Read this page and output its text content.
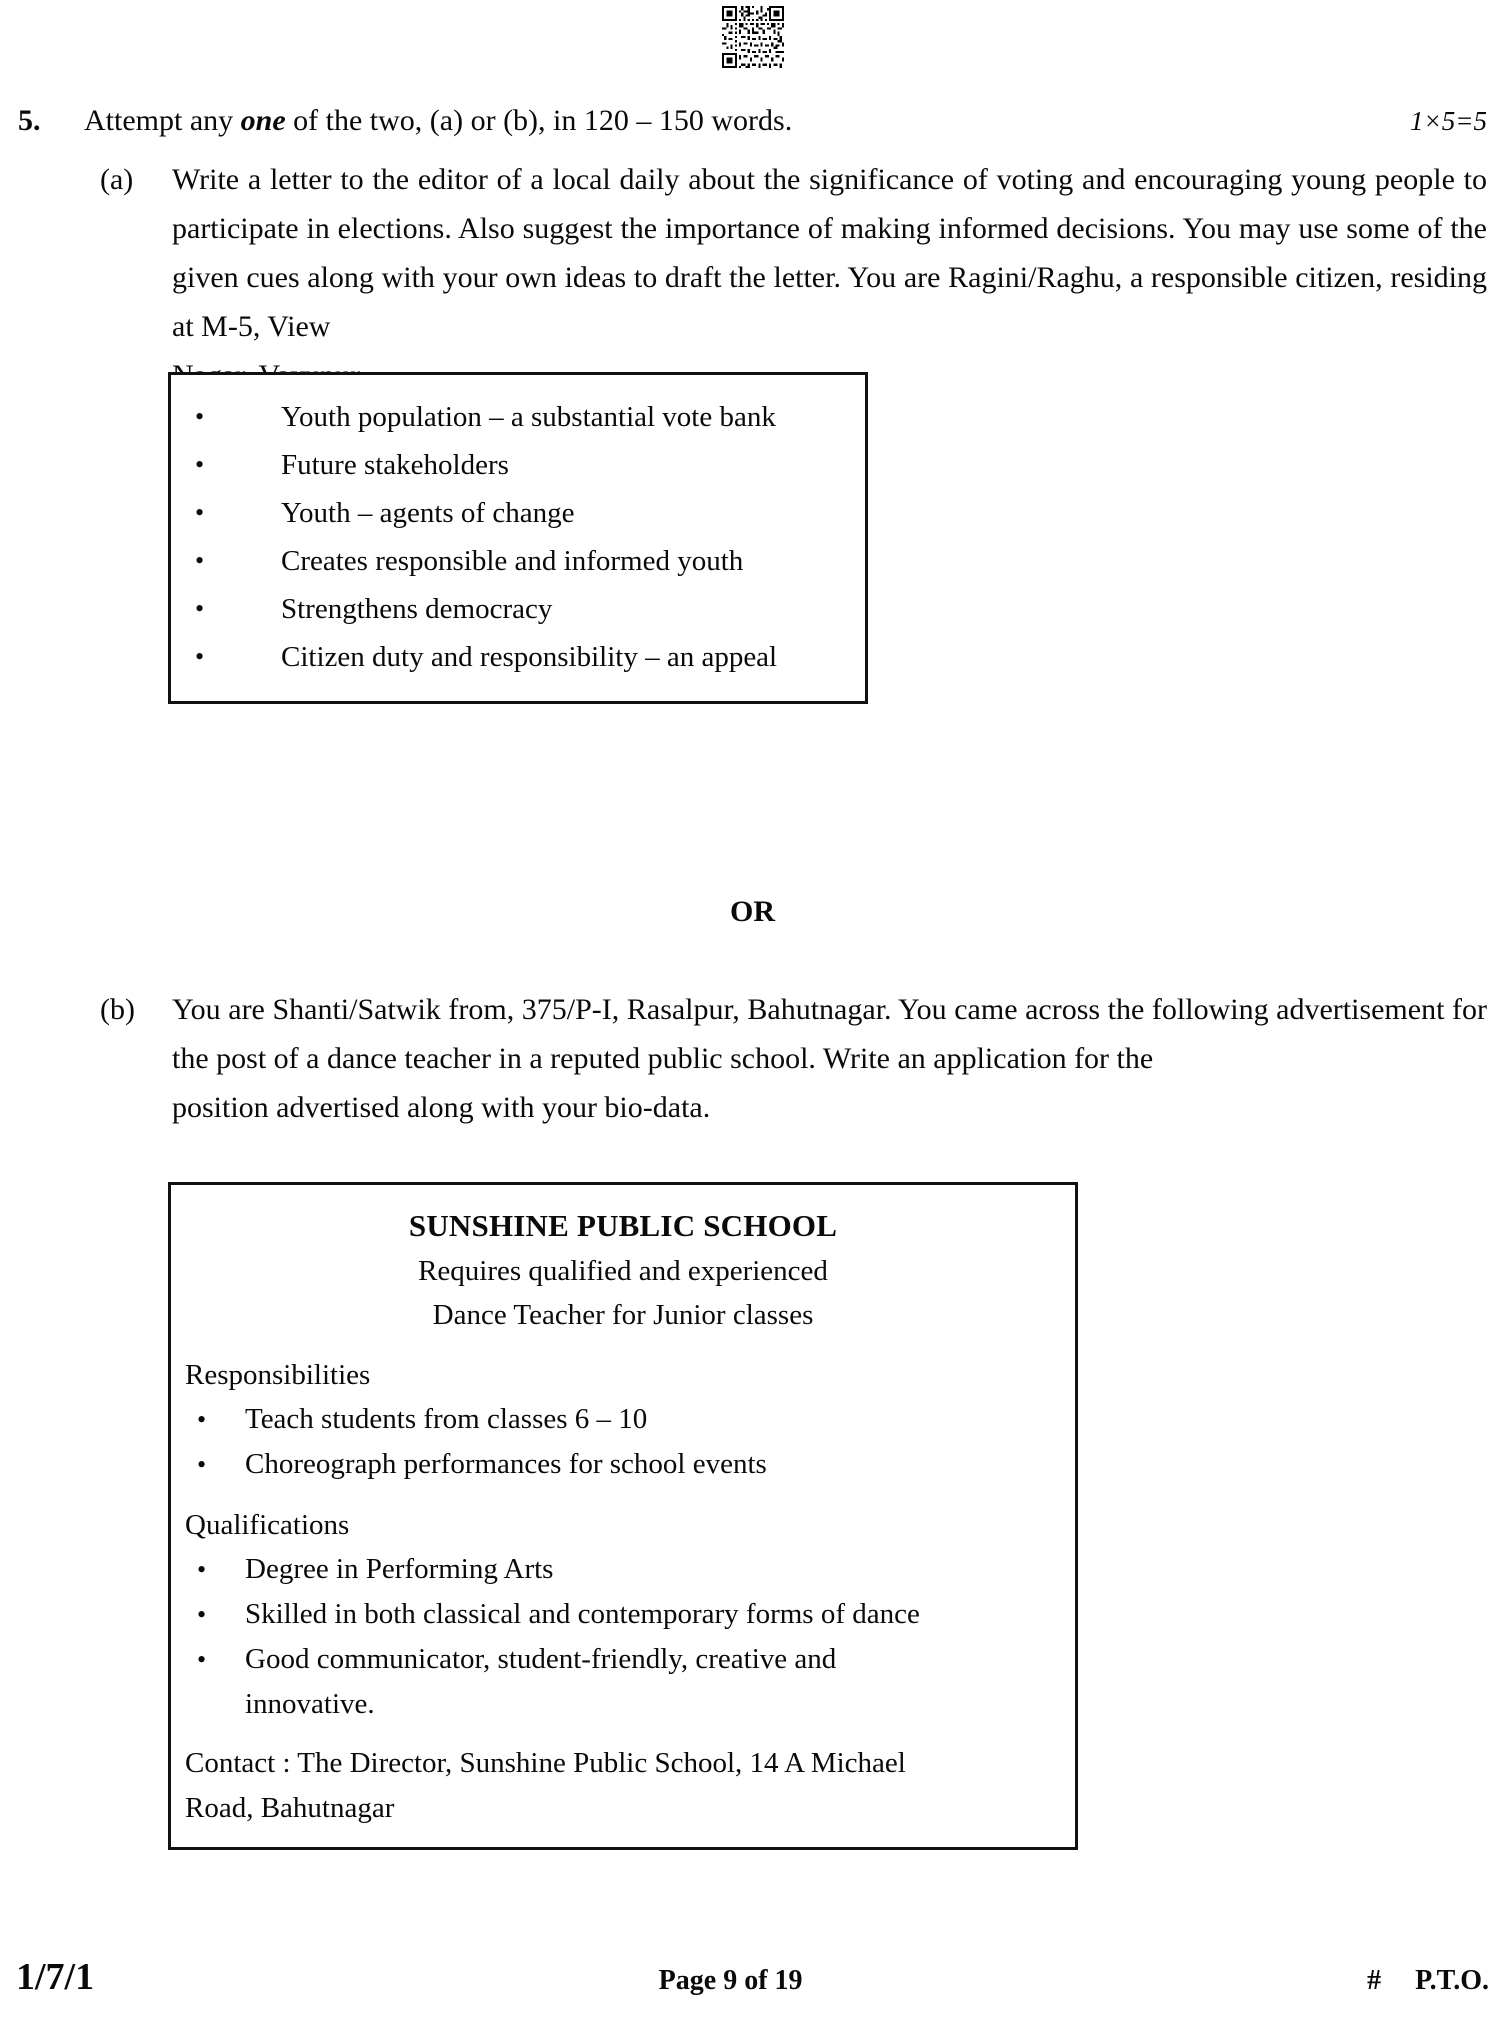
5.	Attempt any one of the two, (a) or (b), in 120 – 150 words.	1×5=5
(a)	Write a letter to the editor of a local daily about the significance of voting and encouraging young people to participate in elections. Also suggest the importance of making informed decisions. You may use some of the given cues along with your own ideas to draft the letter. You are Ragini/Raghu, a responsible citizen, residing at M-5, View

• Youth population – a substantial vote bank
• Future stakeholders
• Youth – agents of change
• Creates responsible and informed youth
• Strengthens democracy
• Citizen duty and responsibility – an appeal
OR
(b)	You are Shanti/Satwik from, 375/P-I, Rasalpur, Bahutnagar. You came across the following advertisement for the post of a dance teacher in a reputed public school. Write an application for the

position advertised along with your bio-data.

SUNSHINE PUBLIC SCHOOL
Requires qualified and experienced
Dance Teacher for Junior classes
Responsibilities
• Teach students from classes 6 – 10
• Choreograph performances for school events
Qualifications
• Degree in Performing Arts
• Skilled in both classical and contemporary forms of dance
• Good communicator, student-friendly, creative and
innovative.
Contact : The Director, Sunshine Public School, 14 A Michael
Road, Bahutnagar
1/7/1	Page 9 of 19	# P.T.O.
